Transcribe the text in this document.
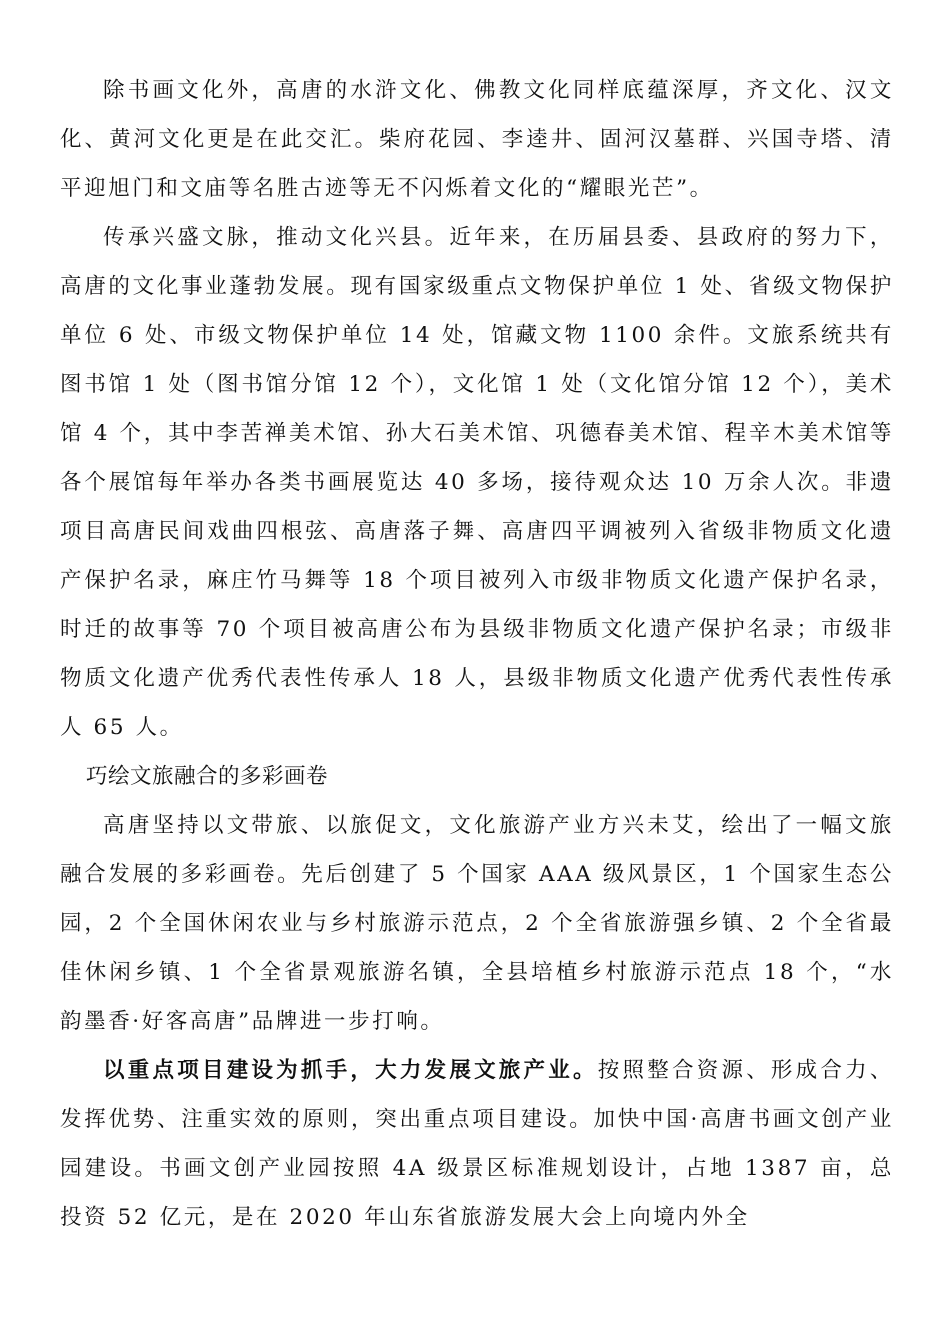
除书画文化外，高唐的水浒文化、佛教文化同样底蕴深厚，齐文化、汉文化、黄河文化更是在此交汇。柴府花园、李逵井、固河汉墓群、兴国寺塔、清平迎旭门和文庙等名胜古迹等无不闪烁着文化的“耀眼光芒”。

传承兴盛文脉，推动文化兴县。近年来，在历届县委、县政府的努力下，高唐的文化事业蓬勃发展。现有国家级重点文物保护单位 1 处、省级文物保护单位 6 处、市级文物保护单位 14 处，馆藏文物 1100 余件。文旅系统共有图书馆 1 处（图书馆分馆 12 个），文化馆 1 处（文化馆分馆 12 个），美术馆 4 个，其中李苦禅美术馆、孙大石美术馆、巩德春美术馆、程辛木美术馆等各个展馆每年举办各类书画展览达 40 多场，接待观众达 10 万余人次。非遗项目高唐民间戏曲四根弦、高唐落子舞、高唐四平调被列入省级非物质文化遗产保护名录，麻庄竹马舞等 18 个项目被列入市级非物质文化遗产保护名录，时迁的故事等 70 个项目被高唐公布为县级非物质文化遗产保护名录；市级非物质文化遗产优秀代表性传承人 18 人，县级非物质文化遗产优秀代表性传承人 65 人。

巧绘文旅融合的多彩画卷

高唐坚持以文带旅、以旅促文，文化旅游产业方兴未艾，绘出了一幅文旅融合发展的多彩画卷。先后创建了 5 个国家 AAA 级风景区，1 个国家生态公园，2 个全国休闲农业与乡村旅游示范点，2 个全省旅游强乡镇、2 个全省最佳休闲乡镇、1 个全省景观旅游名镇，全县培植乡村旅游示范点 18 个，“水韵墨香·好客高唐”品牌进一步打响。

以重点项目建设为抓手，大力发展文旅产业。按照整合资源、形成合力、发挥优势、注重实效的原则，突出重点项目建设。加快中国·高唐书画文创产业园建设。书画文创产业园按照 4A 级景区标准规划设计，占地 1387 亩，总投资 52 亿元，是在 2020 年山东省旅游发展大会上向境内外全
